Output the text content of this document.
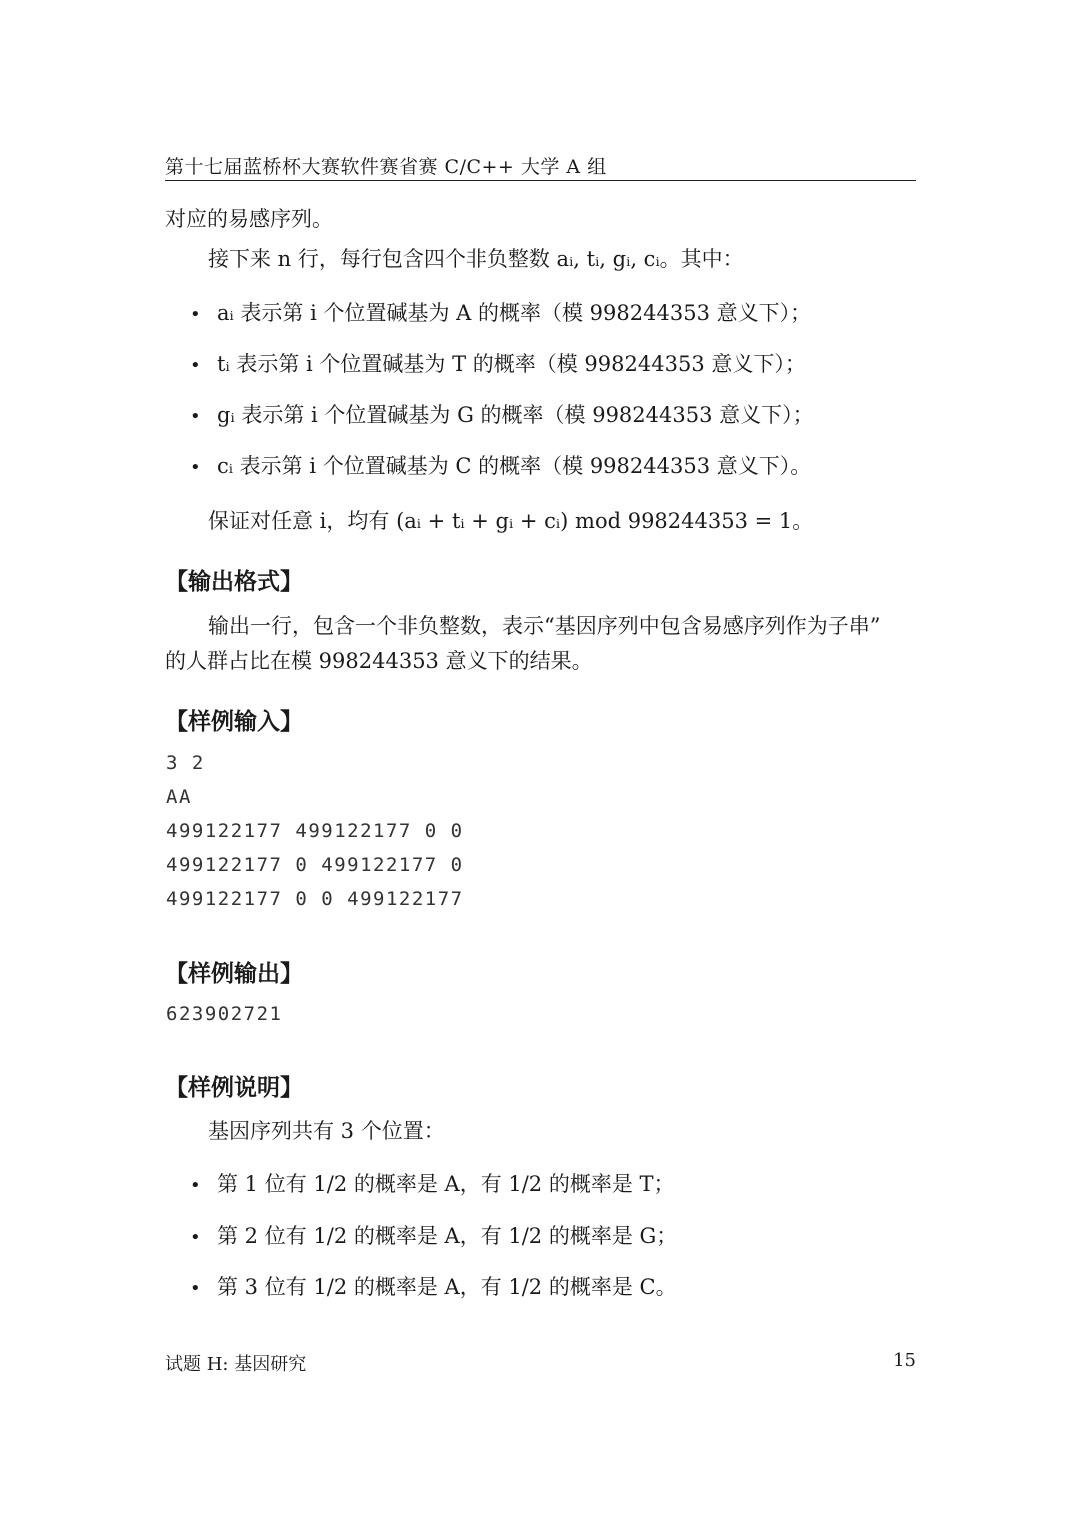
第十七届蓝桥杯大赛软件赛省赛 C/C++ 大学 A 组
对应的易感序列。
接下来 n 行，每行包含四个非负整数 aᵢ, tᵢ, gᵢ, cᵢ。其中：
• aᵢ 表示第 i 个位置碱基为 A 的概率（模 998244353 意义下）；
• tᵢ 表示第 i 个位置碱基为 T 的概率（模 998244353 意义下）；
• gᵢ 表示第 i 个位置碱基为 G 的概率（模 998244353 意义下）；
• cᵢ 表示第 i 个位置碱基为 C 的概率（模 998244353 意义下）。
保证对任意 i，均有 (aᵢ + tᵢ + gᵢ + cᵢ) mod 998244353 = 1。
【输出格式】
输出一行，包含一个非负整数，表示“基因序列中包含易感序列作为子串”
的人群占比在模 998244353 意义下的结果。
【样例输入】
3 2
AA
499122177 499122177 0 0
499122177 0 499122177 0
499122177 0 0 499122177
【样例输出】
623902721
【样例说明】
基因序列共有 3 个位置：
• 第 1 位有 1/2 的概率是 A，有 1/2 的概率是 T；
• 第 2 位有 1/2 的概率是 A，有 1/2 的概率是 G；
• 第 3 位有 1/2 的概率是 A，有 1/2 的概率是 C。
试题 H: 基因研究	15
